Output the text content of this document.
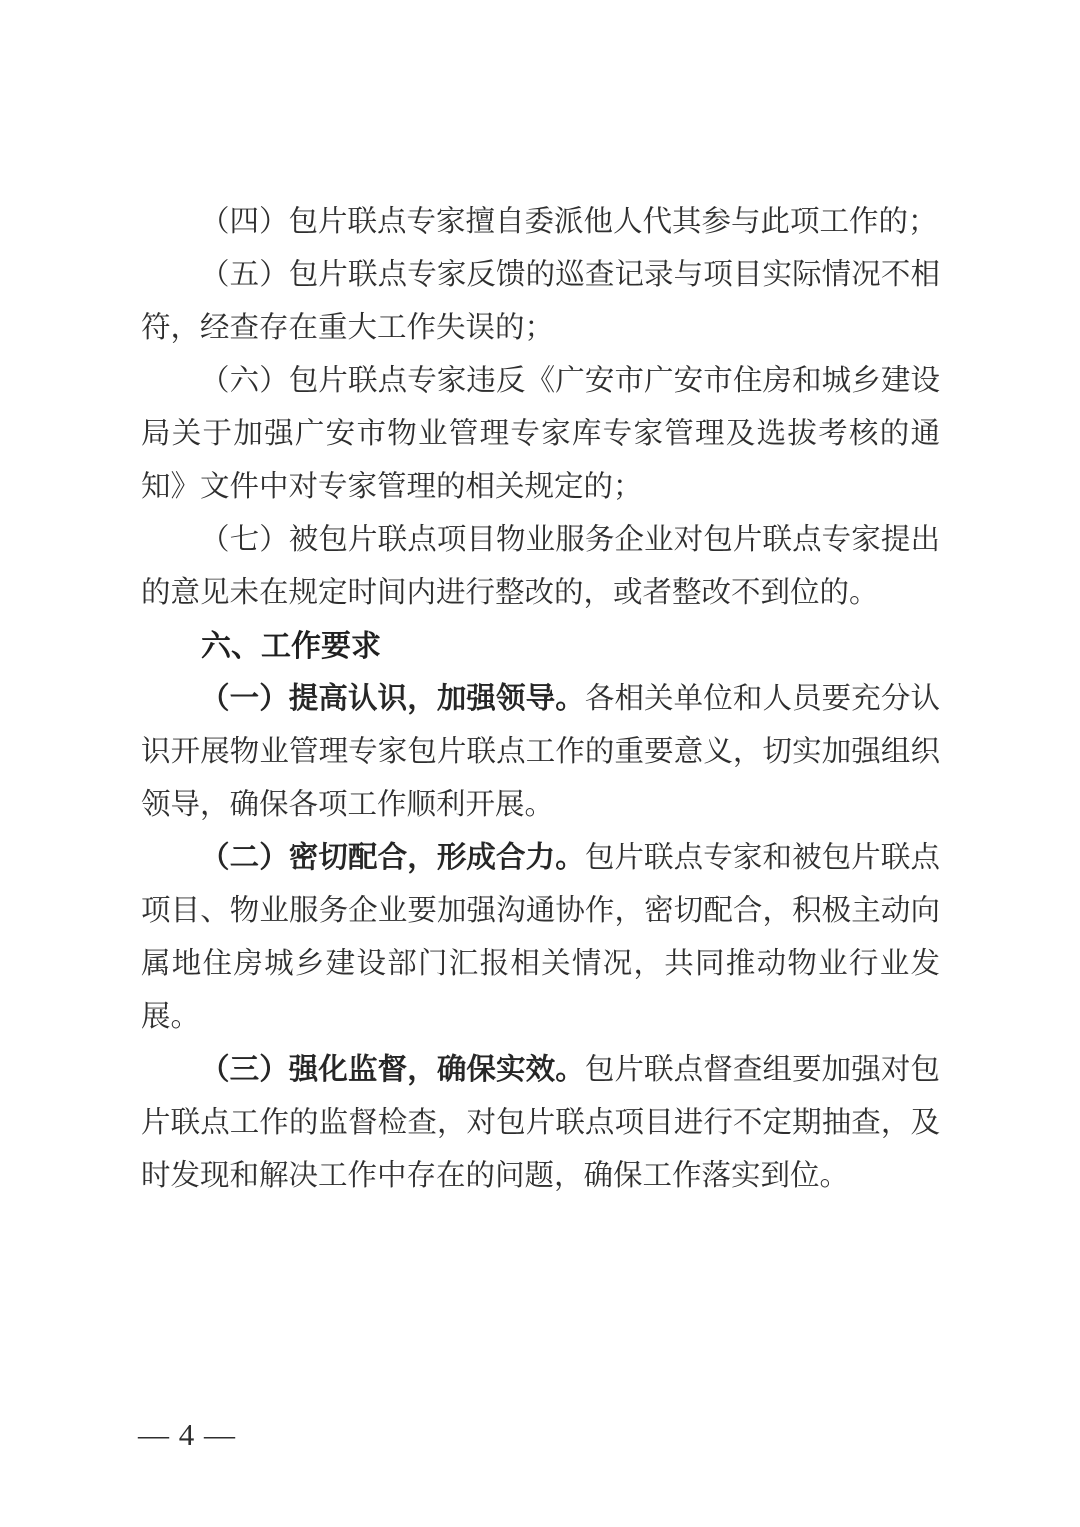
（四）包片联点专家擅自委派他人代其参与此项工作的；

（五）包片联点专家反馈的巡查记录与项目实际情况不相符，经查存在重大工作失误的；

（六）包片联点专家违反《广安市广安市住房和城乡建设局关于加强广安市物业管理专家库专家管理及选拔考核的通知》文件中对专家管理的相关规定的；

（七）被包片联点项目物业服务企业对包片联点专家提出的意见未在规定时间内进行整改的，或者整改不到位的。

六、工作要求

（一）提高认识，加强领导。各相关单位和人员要充分认识开展物业管理专家包片联点工作的重要意义，切实加强组织领导，确保各项工作顺利开展。

（二）密切配合，形成合力。包片联点专家和被包片联点项目、物业服务企业要加强沟通协作，密切配合，积极主动向属地住房城乡建设部门汇报相关情况，共同推动物业行业发展。

（三）强化监督，确保实效。包片联点督查组要加强对包片联点工作的监督检查，对包片联点项目进行不定期抽查，及时发现和解决工作中存在的问题，确保工作落实到位。

— 4 —
